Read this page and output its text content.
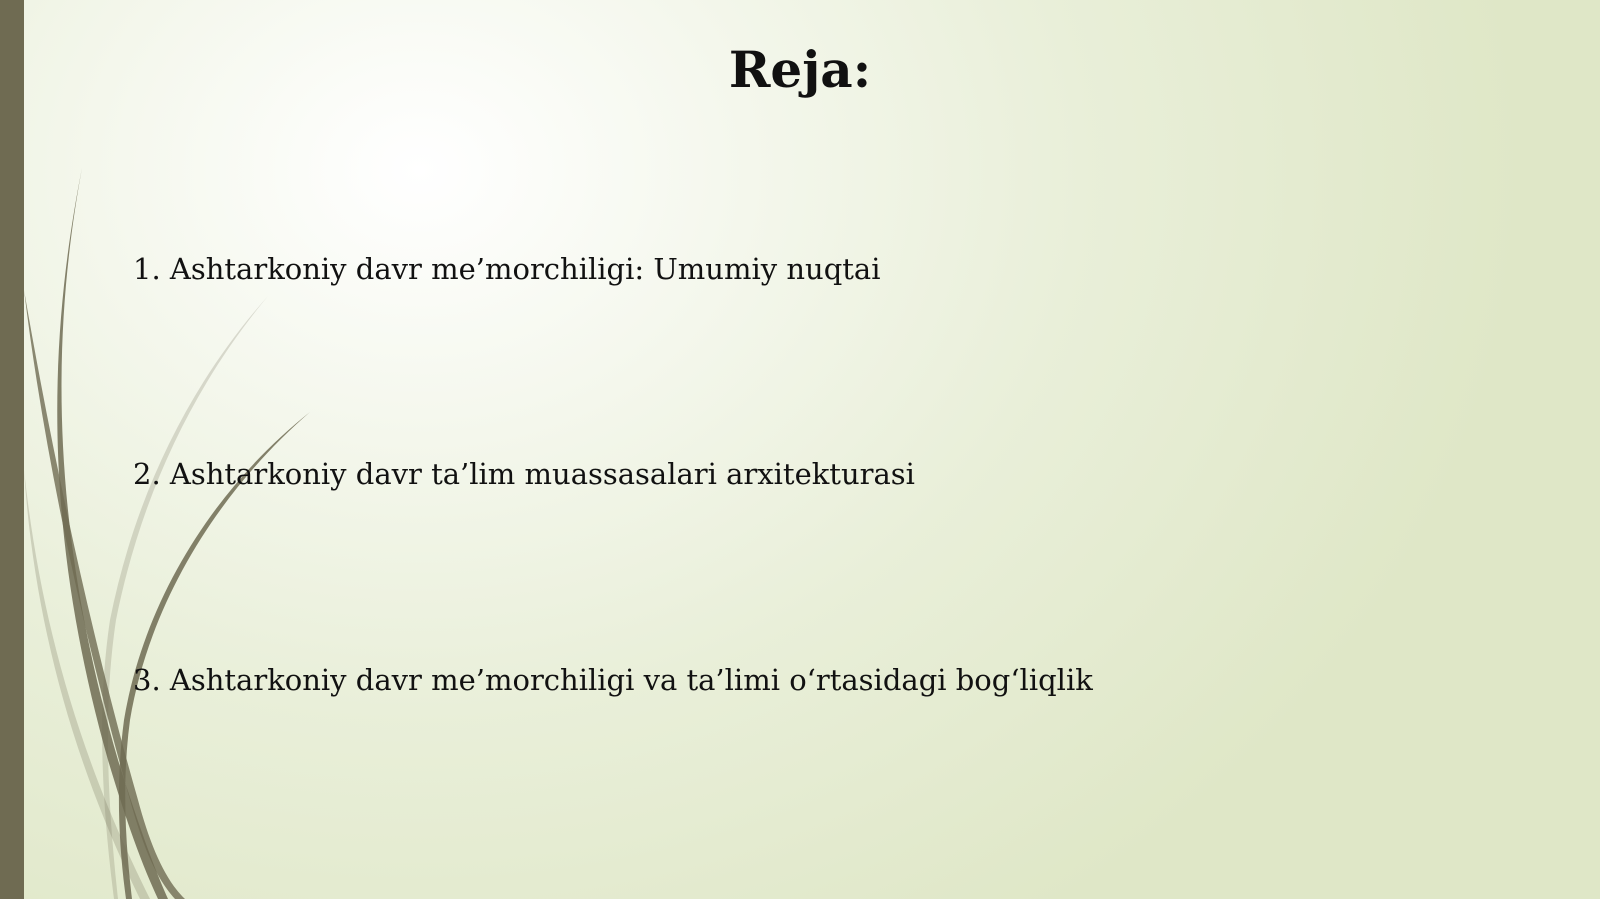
Reja:
1. Ashtarkoniy davr me’morchiligi: Umumiy nuqtai
2. Ashtarkoniy davr ta’lim muassasalari arxitekturasi
3. Ashtarkoniy davr me’morchiligi va ta’limi o‘rtasidagi bog‘liqlik
